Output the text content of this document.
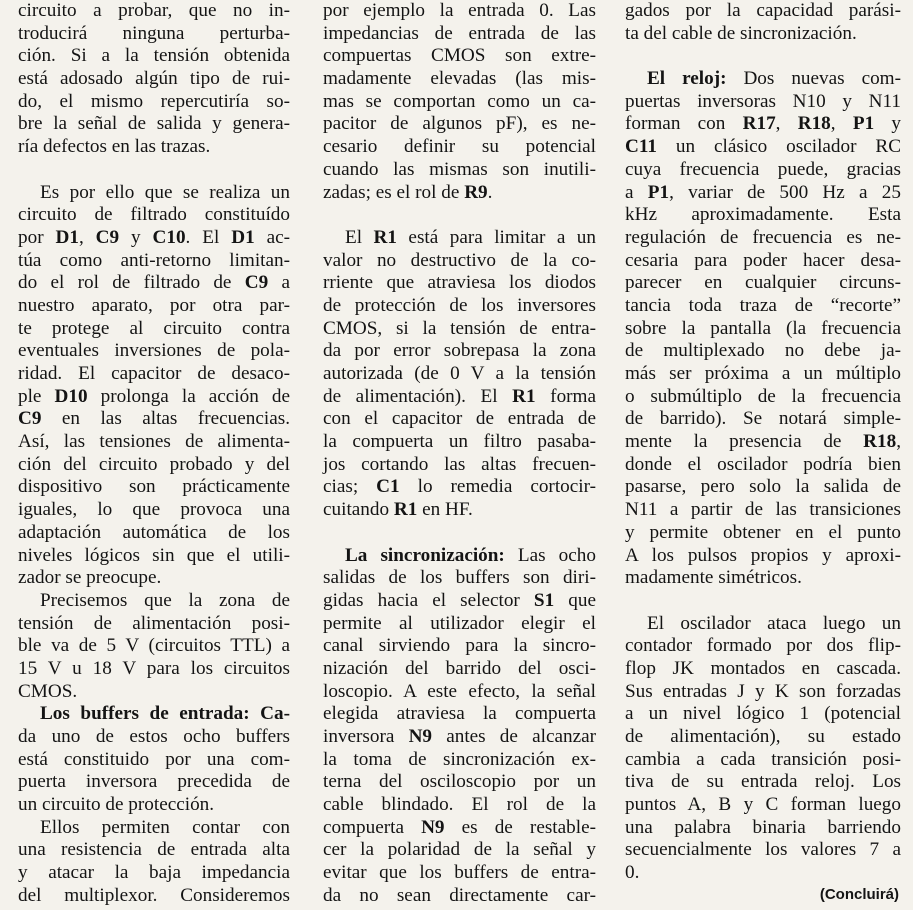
circuito a probar, que no in-
troducirá ninguna perturba-
ción. Si a la tensión obtenida
está adosado algún tipo de rui-
do, el mismo repercutiría so-
bre la señal de salida y genera-
ría defectos en las trazas.
Es por ello que se realiza un
circuito de filtrado constituído
por D1, C9 y C10. El D1 ac-
túa como anti-retorno limitan-
do el rol de filtrado de C9 a
nuestro aparato, por otra par-
te protege al circuito contra
eventuales inversiones de pola-
ridad. El capacitor de desaco-
ple D10 prolonga la acción de
C9 en las altas frecuencias.
Así, las tensiones de alimenta-
ción del circuito probado y del
dispositivo son prácticamente
iguales, lo que provoca una
adaptación automática de los
niveles lógicos sin que el utili-
zador se preocupe.
Precisemos que la zona de
tensión de alimentación posi-
ble va de 5 V (circuitos TTL) a
15 V u 18 V para los circuitos
CMOS.
Los buffers de entrada: Ca-
da uno de estos ocho buffers
está constituido por una com-
puerta inversora precedida de
un circuito de protección.
Ellos permiten contar con
una resistencia de entrada alta
y atacar la baja impedancia
del multiplexor. Consideremos
por ejemplo la entrada 0. Las
impedancias de entrada de las
compuertas CMOS son extre-
madamente elevadas (las mis-
mas se comportan como un ca-
pacitor de algunos pF), es ne-
cesario definir su potencial
cuando las mismas son inutili-
zadas; es el rol de R9.
El R1 está para limitar a un
valor no destructivo de la co-
rriente que atraviesa los diodos
de protección de los inversores
CMOS, si la tensión de entra-
da por error sobrepasa la zona
autorizada (de 0 V a la tensión
de alimentación). El R1 forma
con el capacitor de entrada de
la compuerta un filtro pasaba-
jos cortando las altas frecuen-
cias; C1 lo remedia cortocir-
cuitando R1 en HF.
La sincronización: Las ocho
salidas de los buffers son diri-
gidas hacia el selector S1 que
permite al utilizador elegir el
canal sirviendo para la sincro-
nización del barrido del osci-
loscopio. A este efecto, la señal
elegida atraviesa la compuerta
inversora N9 antes de alcanzar
la toma de sincronización ex-
terna del osciloscopio por un
cable blindado. El rol de la
compuerta N9 es de restable-
cer la polaridad de la señal y
evitar que los buffers de entra-
da no sean directamente car-
gados por la capacidad parási-
ta del cable de sincronización.
El reloj: Dos nuevas com-
puertas inversoras N10 y N11
forman con R17, R18, P1 y
C11 un clásico oscilador RC
cuya frecuencia puede, gracias
a P1, variar de 500 Hz a 25
kHz aproximadamente. Esta
regulación de frecuencia es ne-
cesaria para poder hacer desa-
parecer en cualquier circuns-
tancia toda traza de “recorte”
sobre la pantalla (la frecuencia
de multiplexado no debe ja-
más ser próxima a un múltiplo
o submúltiplo de la frecuencia
de barrido). Se notará simple-
mente la presencia de R18,
donde el oscilador podría bien
pasarse, pero solo la salida de
N11 a partir de las transiciones
y permite obtener en el punto
A los pulsos propios y aproxi-
madamente simétricos.
El oscilador ataca luego un
contador formado por dos flip-
flop JK montados en cascada.
Sus entradas J y K son forzadas
a un nivel lógico 1 (potencial
de alimentación), su estado
cambia a cada transición posi-
tiva de su entrada reloj. Los
puntos A, B y C forman luego
una palabra binaria barriendo
secuencialmente los valores 7 a
0.
(Concluirá)
